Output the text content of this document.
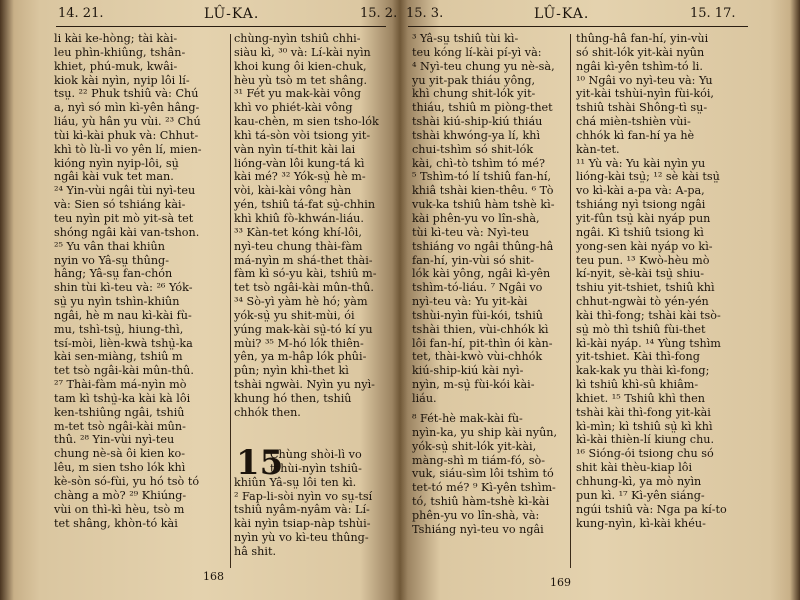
14. 21.	LÛ-KA.	15. 2.
li kài ke-hòng; tài kài-
leu phìn-khiûng, tshân-
khiet, phú-muk, kwâi-
kiok kài nyìn, nyip lôi lí-
tsṳ. ²² Phuk tshiû và: Chú
a, nyì só mìn kì-yên hâng-
liáu, yù hân yu vùi. ²³ Chú
tùi kì-kài phuk và: Chhut-
khì tò lù-lì vo yên lí, mien-
kióng nyìn nyip-lôi, sṳ̀
ngâi kài vuk tet man.
²⁴ Yin-vùi ngâi tùi nyì-teu
và: Sien só tshiáng kài-
teu nyìn pit mò yit-sà tet
shóng ngâi kài van-tshon.
²⁵ Yu vân thai khiûn
nyin vo Yâ-sṳ thûng-
hâng; Yâ-sṳ fan-chón
shin tùi kì-teu và: ²⁶ Yók-
sṳ̀ yu nyìn tshìn-khiûn
ngâi, hè m nau kì-kài fù-
mu, tshì-tsṳ̀, hiung-thì,
tsí-mòi, lièn-kwà tshṳ̀-ka
kài sen-miàng, tshiû m
tet tsò ngâi-kài mûn-thû.
²⁷ Thài-fàm má-nyìn mò
tam kì tshṳ̀-ka kài kà lôi
ken-tshiûng ngâi, tshiû
m-tet tsò ngâi-kài mûn-
thû. ²⁸ Yin-vùi nyì-teu
chung nè-sà ôi kien ko-
lêu, m sien tsho lók khì
kè-sòn só-fùi, yu hó tsò tó
chàng a mò? ²⁹ Khiúng-
vùi on thì-kì hèu, tsò m
tet shâng, khòn-tó kài
chùng-nyìn tshiû chhi-
siàu kì, ³⁰ và: Lí-kài nyìn
khoi kung ôi kien-chuk,
hèu yù tsò m tet shâng.
³¹ Fét yu mak-kài vông
khì vo phiét-kài vông
kau-chèn, m sien tsho-lók
khì tá-sòn vòi tsiong yit-
vàn nyìn tí-thit kài lai
lióng-vàn lôi kung-tá kì
kài mé? ³² Yók-sṳ̀ hè m-
vòi, kài-kài vông hàn
yén, tshiû tá-fat sṳ̀-chhin
khì khiû fò-khwán-liáu.
³³ Kàn-tet kóng khí-lôi,
nyì-teu chung thài-fàm
má-nyìn m shá-thet thài-
fàm kì só-yu kài, tshiû m-
tet tsò ngâi-kài mûn-thû.
³⁴ Sò-yì yàm hè hó; yàm
yók-sṳ̀ yu shit-mùi, ói
yúng mak-kài sṳ̀-tó kí yu
mùi? ³⁵ M-hó lók thiên-
yên, ya m-hâp lók phûi-
pûn; nyìn khì-thet kì
tshài ngwài. Nyìn yu nyì-
khung hó then, tshiû
chhók then.
15
Chùng shòi-lì vo
tshùi-nyìn tshiû-
khiûn Yâ-sṳ lôi ten kì.
² Fap-li-sòi nyìn vo sṳ-tsí
tshiû nyâm-nyâm và: Lí-
kài nyìn tsiap-nàp tshùi-
nyìn yù vo kì-teu thûng-
hâ shit.
168
15. 3.	LÛ-KA.	15. 17.
³ Yâ-sṳ tshiû tùi kì-
teu kóng lí-kài pí-yì và:
⁴ Nyì-teu chung yu nè-sà,
yu yit-pak thiáu yông,
khì chung shit-lók yit-
thiáu, tshiû m piòng-thet
tshài kiú-ship-kiú thiáu
tshài khwóng-ya lí, khì
chui-tshìm só shit-lók
kài, chì-tò tshìm tó mé?
⁵ Tshìm-tó lí tshiû fan-hí,
khiâ tshài kien-thêu. ⁶ Tò
vuk-ka tshiû hàm tshè kì-
kài phên-yu vo lîn-shà,
tùi kì-teu và: Nyì-teu
tshiáng vo ngâi thûng-hâ
fan-hí, yin-vùi só shit-
lók kài yông, ngâi kì-yên
tshìm-tó-liáu. ⁷ Ngâi vo
nyì-teu và: Yu yit-kài
tshùi-nyìn fùi-kói, tshiû
tshài thien, vùi-chhók kì
lôi fan-hí, pit-thìn ói kàn-
tet, thài-kwò vùi-chhók
kiú-ship-kiú kài nyì-
nyìn, m-sṳ̀ fùi-kói kài-
liáu.
⁸ Fét-hè mak-kài fù-
nyìn-ka, yu ship kài nyûn,
yók-sṳ̀ shit-lók yit-kài,
màng-shì m tiám-fó, sò-
vuk, siáu-sìm lôi tshìm tó
tet-tó mé? ⁹ Kì-yên tshìm-
tó, tshiû hàm-tshè kì-kài
phên-yu vo lîn-shà, và:
Tshiáng nyì-teu vo ngâi
thûng-hâ fan-hí, yin-vùi
só shit-lók yit-kài nyûn
ngâi kì-yên tshìm-tó li.
¹⁰ Ngâi vo nyì-teu và: Yu
yit-kài tshùi-nyìn fùi-kói,
tshiû tshài Shông-tì sṳ-
chá mièn-tshièn vùi-
chhók kì fan-hí ya hè
kàn-tet.
¹¹ Yù và: Yu kài nyìn yu
lióng-kài tsṳ̀; ¹² sè kài tsṳ̀
vo kì-kài a-pa và: A-pa,
tshiáng nyì tsiong ngâi
yit-fûn tsṳ̀ kài nyáp pun
ngâi. Kì tshiû tsiong kì
yong-sen kài nyáp vo kì-
teu pun. ¹³ Kwò-hèu mò
kí-nyit, sè-kài tsṳ̀ shiu-
tshiu yit-tshiet, tshiû khì
chhut-ngwài tò yén-yén
kài thì-fong; tshài kài tsò-
sṳ̀ mò thì tshiû fùi-thet
kì-kài nyáp. ¹⁴ Yùng tshìm
yit-tshiet. Kài thì-fong
kak-kak yu thài kì-fong;
kì tshiû khì-sû khiâm-
khiet. ¹⁵ Tshiû khì then
tshài kài thì-fong yit-kài
kì-mìn; kì tshiû sṳ̀ kì khì
kì-kài thièn-lí kiung chu.
¹⁶ Sióng-ói tsiong chu só
shit kài thèu-kiap lôi
chhung-kì, ya mò nyìn
pun kì. ¹⁷ Kì-yên siáng-
ngúi tshiû và: Nga pa kí-to
kung-nyìn, kì-kài khéu-
169
